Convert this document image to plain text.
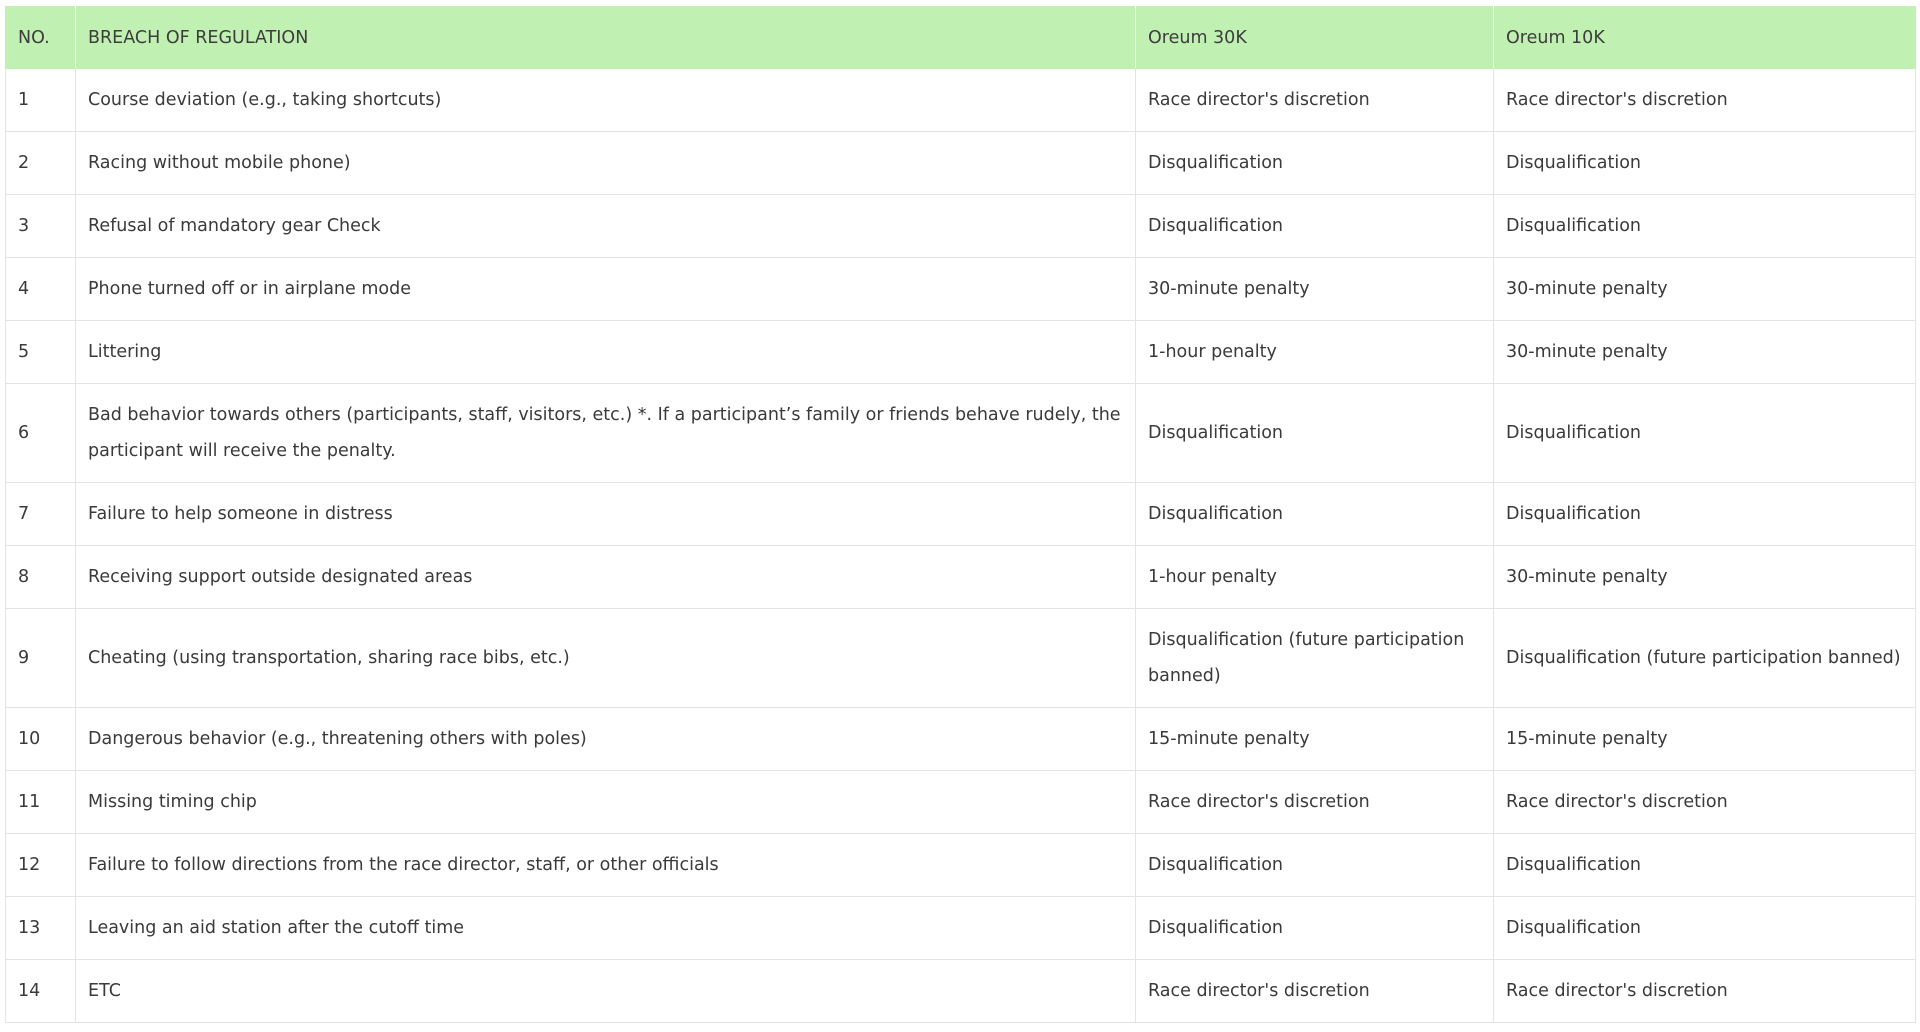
NO.	BREACH OF REGULATION	Oreum 30K	Oreum 10K
1	Course deviation (e.g., taking shortcuts)	Race director's discretion	Race director's discretion
2	Racing without mobile phone)	Disqualification	Disqualification
3	Refusal of mandatory gear Check	Disqualification	Disqualification
4	Phone turned off or in airplane mode	30-minute penalty	30-minute penalty
5	Littering	1-hour penalty	30-minute penalty
6	Bad behavior towards others (participants, staff, visitors, etc.) *. If a participant’s family or friends behave rudely, the participant will receive the penalty.	Disqualification	Disqualification
7	Failure to help someone in distress	Disqualification	Disqualification
8	Receiving support outside designated areas	1-hour penalty	30-minute penalty
9	Cheating (using transportation, sharing race bibs, etc.)	Disqualification (future participation banned)	Disqualification (future participation banned)
10	Dangerous behavior (e.g., threatening others with poles)	15-minute penalty	15-minute penalty
11	Missing timing chip	Race director's discretion	Race director's discretion
12	Failure to follow directions from the race director, staff, or other officials	Disqualification	Disqualification
13	Leaving an aid station after the cutoff time	Disqualification	Disqualification
14	ETC	Race director's discretion	Race director's discretion
